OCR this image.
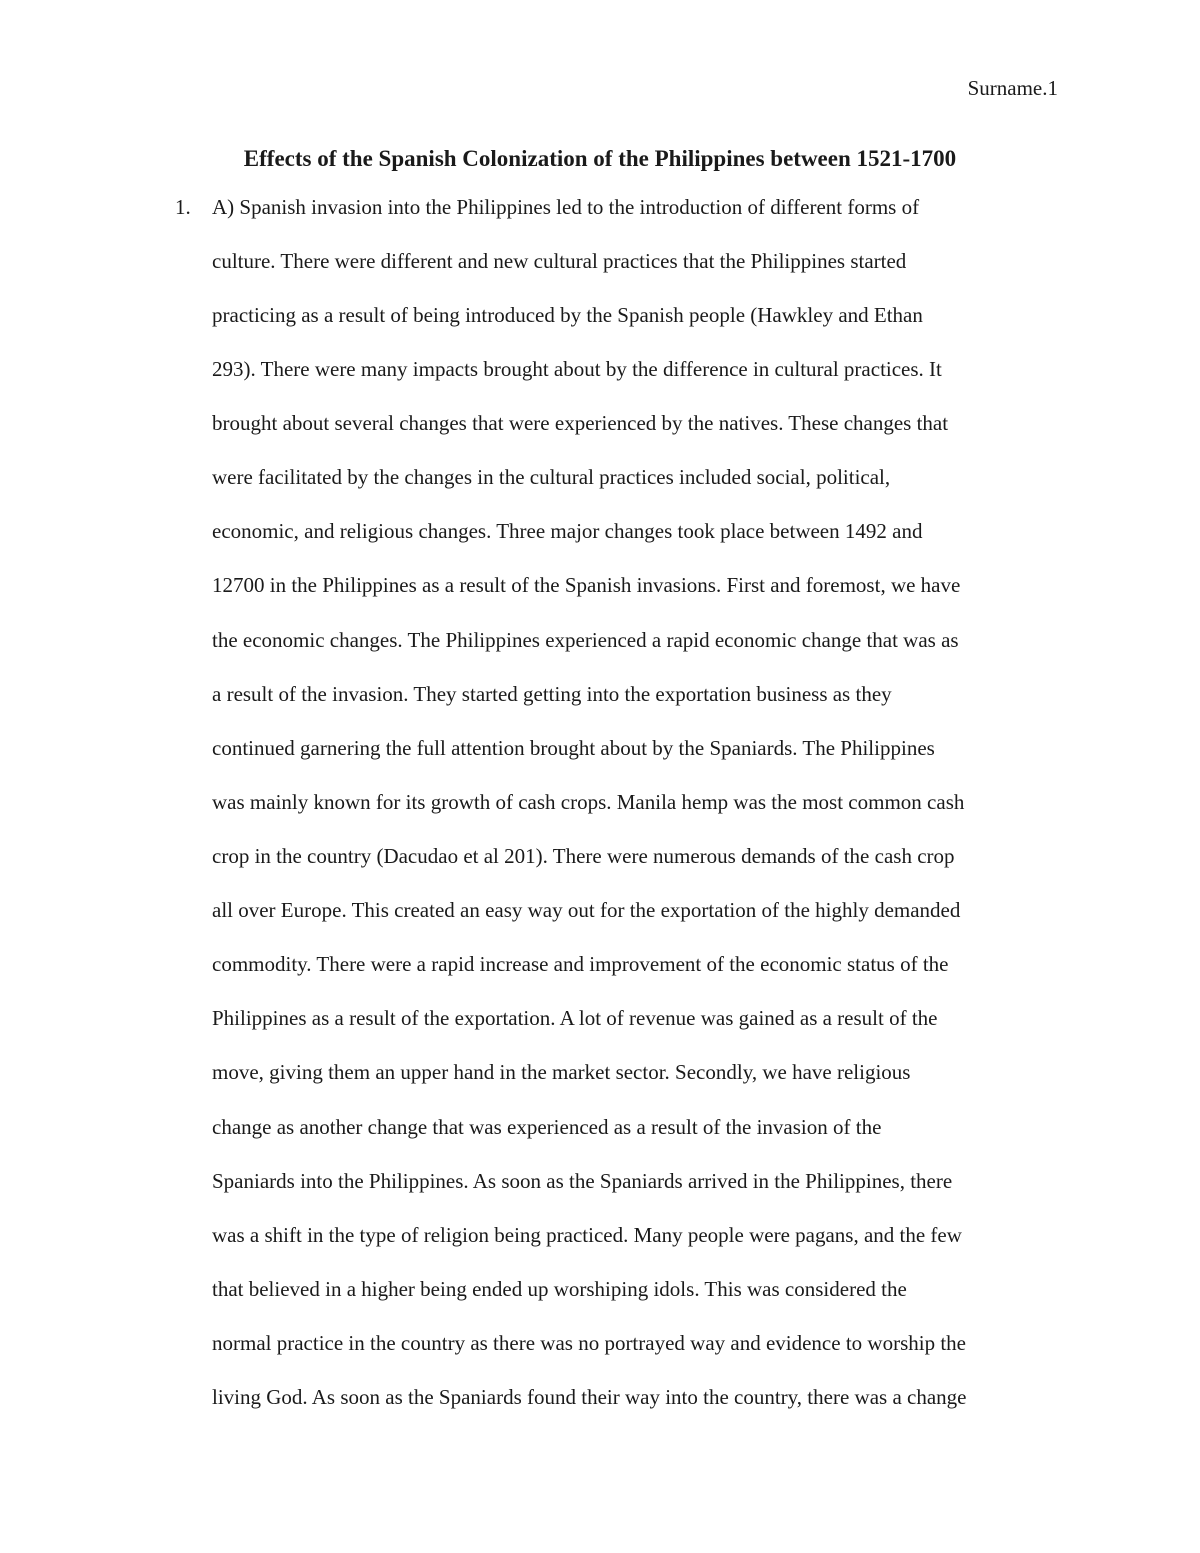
Surname.1
Effects of the Spanish Colonization of the Philippines between 1521-1700
1. A) Spanish invasion into the Philippines led to the introduction of different forms of
culture. There were different and new cultural practices that the Philippines started
practicing as a result of being introduced by the Spanish people (Hawkley and Ethan
293). There were many impacts brought about by the difference in cultural practices. It
brought about several changes that were experienced by the natives. These changes that
were facilitated by the changes in the cultural practices included social, political,
economic, and religious changes. Three major changes took place between 1492 and
12700 in the Philippines as a result of the Spanish invasions. First and foremost, we have
the economic changes. The Philippines experienced a rapid economic change that was as
a result of the invasion. They started getting into the exportation business as they
continued garnering the full attention brought about by the Spaniards. The Philippines
was mainly known for its growth of cash crops. Manila hemp was the most common cash
crop in the country (Dacudao et al 201). There were numerous demands of the cash crop
all over Europe. This created an easy way out for the exportation of the highly demanded
commodity. There were a rapid increase and improvement of the economic status of the
Philippines as a result of the exportation. A lot of revenue was gained as a result of the
move, giving them an upper hand in the market sector. Secondly, we have religious
change as another change that was experienced as a result of the invasion of the
Spaniards into the Philippines. As soon as the Spaniards arrived in the Philippines, there
was a shift in the type of religion being practiced. Many people were pagans, and the few
that believed in a higher being ended up worshiping idols. This was considered the
normal practice in the country as there was no portrayed way and evidence to worship the
living God. As soon as the Spaniards found their way into the country, there was a change
